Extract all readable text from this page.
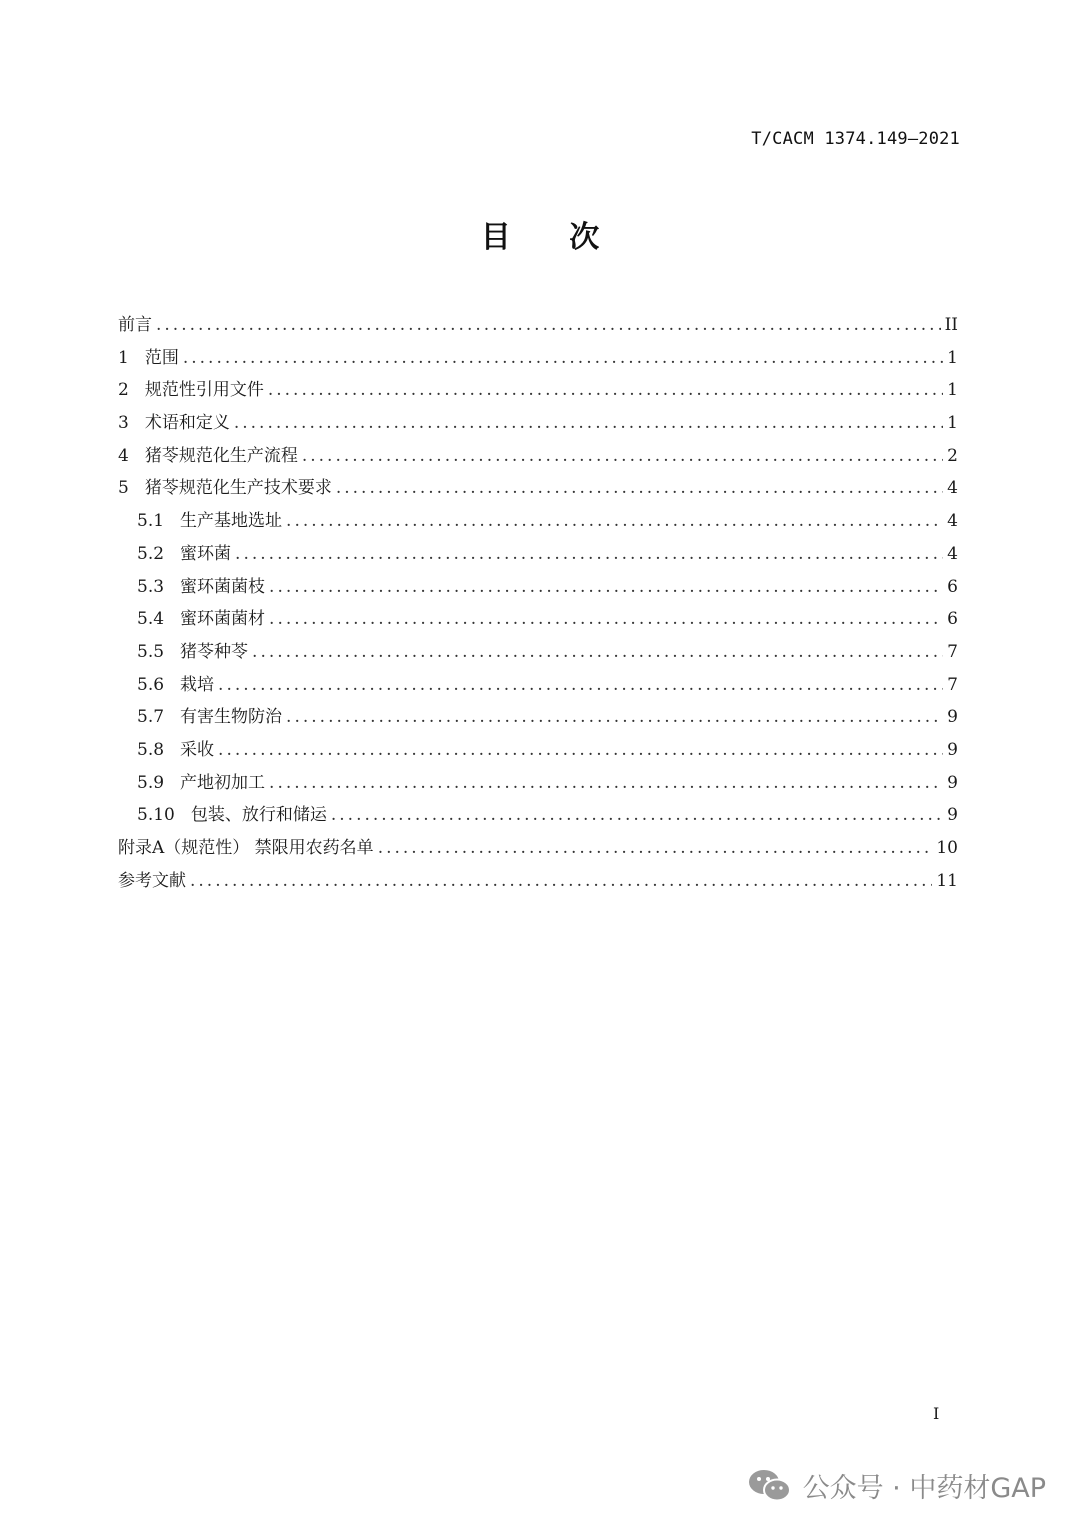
T/CACM 1374.149—2021
目 次
前言 .....	II
1 范围 .....	1
2 规范性引用文件 .....	1
3 术语和定义 .....	1
4 猪苓规范化生产流程 .....	2
5 猪苓规范化生产技术要求 .....	4
5.1 生产基地选址 .....	4
5.2 蜜环菌 .....	4
5.3 蜜环菌菌枝 .....	6
5.4 蜜环菌菌材 .....	6
5.5 猪苓种苓 .....	7
5.6 栽培 .....	7
5.7 有害生物防治 .....	9
5.8 采收 .....	9
5.9 产地初加工 .....	9
5.10 包装、放行和储运 .....	9
附录A（规范性） 禁限用农药名单 .....	10
参考文献 .....	11
I
公众号 · 中药材GAP
